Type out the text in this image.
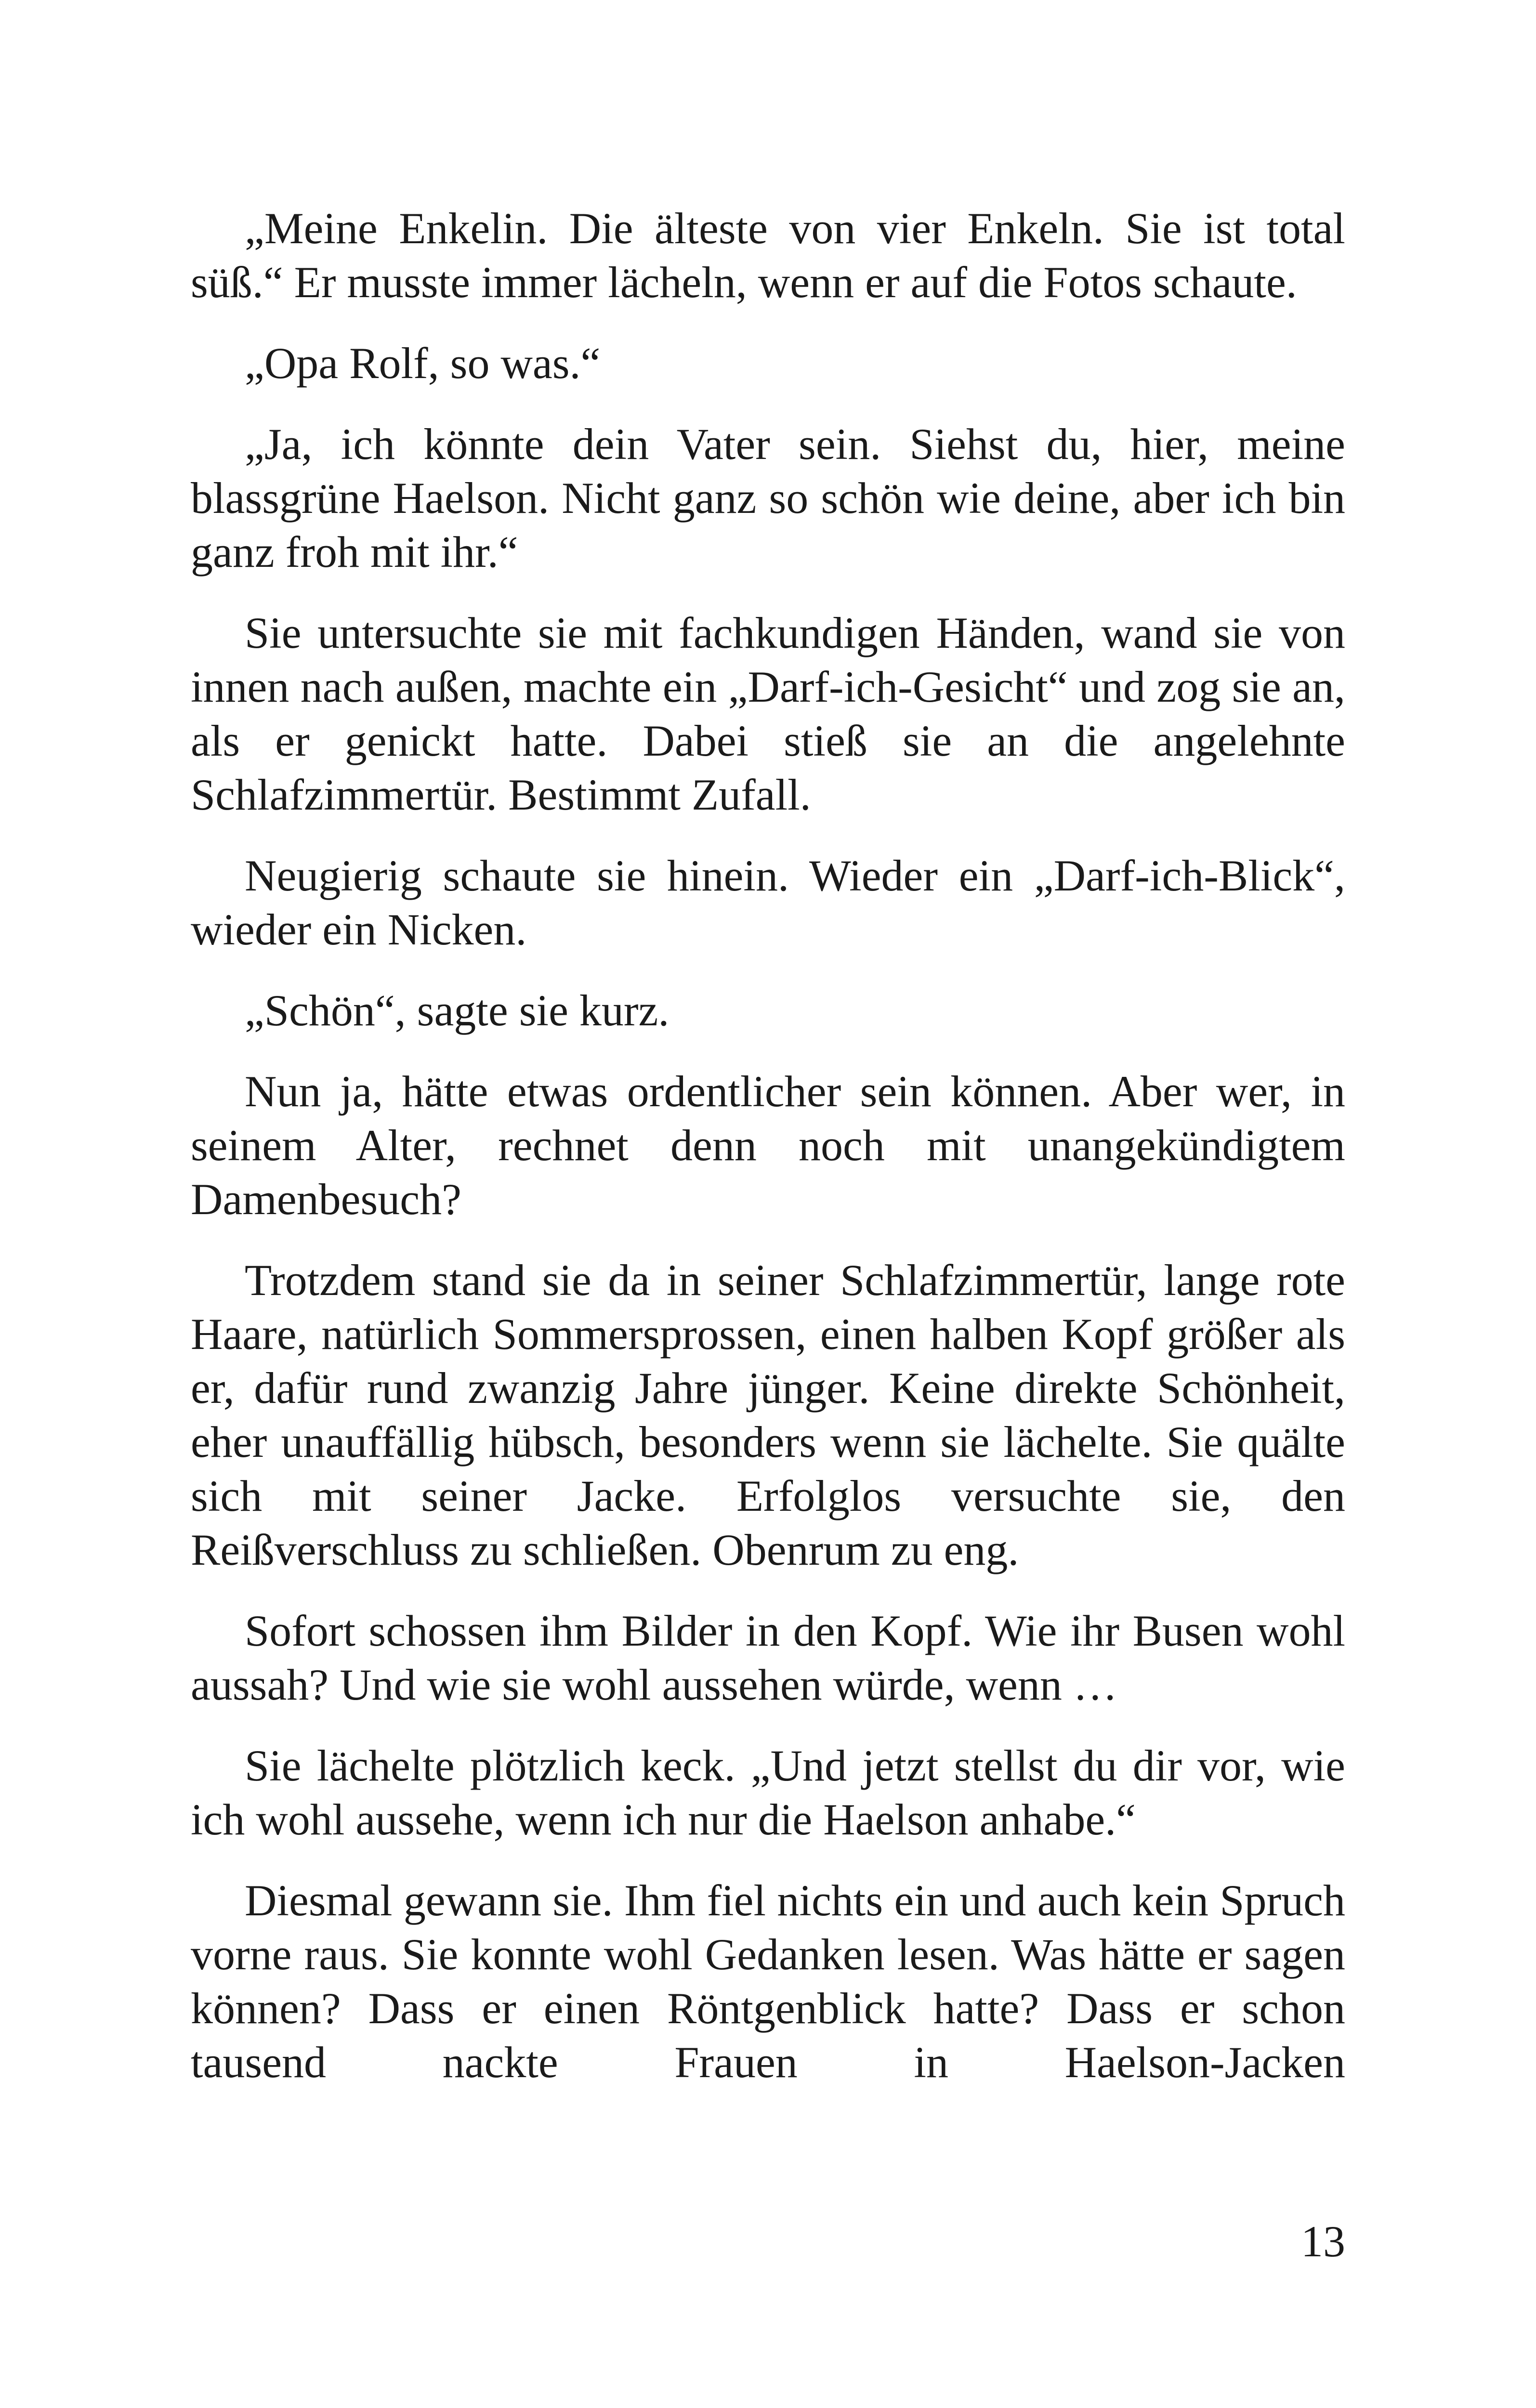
„Meine Enkelin. Die älteste von vier Enkeln. Sie ist total süß.“ Er musste immer lächeln, wenn er auf die Fotos schaute.

„Opa Rolf, so was.“

„Ja, ich könnte dein Vater sein. Siehst du, hier, meine blassgrüne Haelson. Nicht ganz so schön wie deine, aber ich bin ganz froh mit ihr.“

Sie untersuchte sie mit fachkundigen Händen, wand sie von innen nach außen, machte ein „Darf-ich-Gesicht“ und zog sie an, als er genickt hatte. Dabei stieß sie an die angelehnte Schlafzimmertür. Bestimmt Zufall.

Neugierig schaute sie hinein. Wieder ein „Darf-ich-Blick“, wieder ein Nicken.

„Schön“, sagte sie kurz.

Nun ja, hätte etwas ordentlicher sein können. Aber wer, in seinem Alter, rechnet denn noch mit unangekündigtem Damenbesuch?

Trotzdem stand sie da in seiner Schlafzimmertür, lange rote Haare, natürlich Sommersprossen, einen halben Kopf größer als er, dafür rund zwanzig Jahre jünger. Keine direkte Schönheit, eher unauffällig hübsch, besonders wenn sie lächelte. Sie quälte sich mit seiner Jacke. Erfolglos versuchte sie, den Reißverschluss zu schließen. Obenrum zu eng.

Sofort schossen ihm Bilder in den Kopf. Wie ihr Busen wohl aussah? Und wie sie wohl aussehen würde, wenn …

Sie lächelte plötzlich keck. „Und jetzt stellst du dir vor, wie ich wohl aussehe, wenn ich nur die Haelson anhabe.“

Diesmal gewann sie. Ihm fiel nichts ein und auch kein Spruch vorne raus. Sie konnte wohl Gedanken lesen. Was hätte er sagen können? Dass er einen Röntgenblick hatte? Dass er schon tausend nackte Frauen in Haelson-Jacken

13
